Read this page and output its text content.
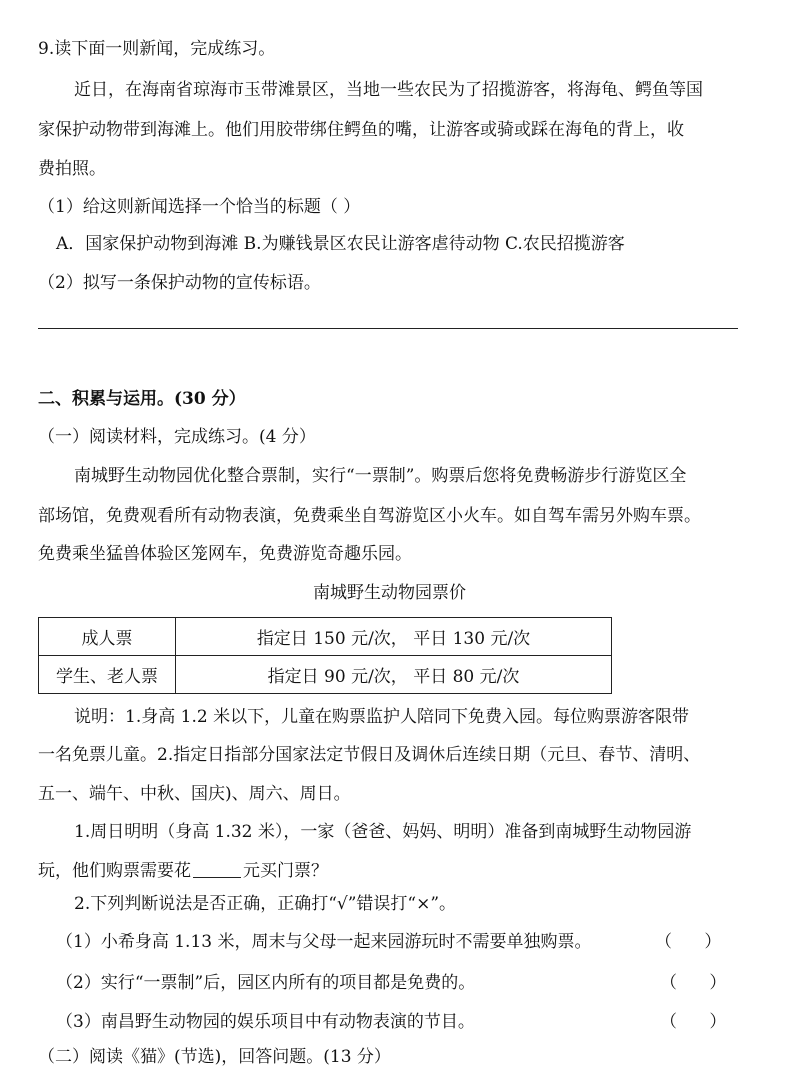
9.读下面一则新闻，完成练习。
近日，在海南省琼海市玉带滩景区，当地一些农民为了招揽游客，将海龟、鳄鱼等国
家保护动物带到海滩上。他们用胶带绑住鳄鱼的嘴，让游客或骑或踩在海龟的背上，收
费拍照。
（1）给这则新闻选择一个恰当的标题（ ）
A．国家保护动物到海滩 B.为赚钱景区农民让游客虐待动物 C.农民招揽游客
（2）拟写一条保护动物的宣传标语。
二、积累与运用。(30 分）
（一）阅读材料，完成练习。(4 分）
南城野生动物园优化整合票制，实行“一票制”。购票后您将免费畅游步行游览区全
部场馆，免费观看所有动物表演，免费乘坐自驾游览区小火车。如自驾车需另外购车票。
免费乘坐猛兽体验区笼网车，免费游览奇趣乐园。
南城野生动物园票价
成人票	指定日 150 元/次， 平日 130 元/次
学生、老人票	指定日 90 元/次， 平日 80 元/次
说明：1.身高 1.2 米以下，儿童在购票监护人陪同下免费入园。每位购票游客限带
一名免票儿童。2.指定日指部分国家法定节假日及调休后连续日期（元旦、春节、清明、
五一、端午、中秋、国庆)、周六、周日。
1.周日明明（身高 1.32 米），一家（爸爸、妈妈、明明）准备到南城野生动物园游
玩，他们购票需要花	元买门票？
2.下列判断说法是否正确，正确打“√”错误打“×”。
（1）小希身高 1.13 米，周末与父母一起来园游玩时不需要单独购票。	（      ）
（2）实行“一票制”后，园区内所有的项目都是免费的。	（      ）
（3）南昌野生动物园的娱乐项目中有动物表演的节目。	（      ）
（二）阅读《猫》(节选)，回答问题。(13 分）
